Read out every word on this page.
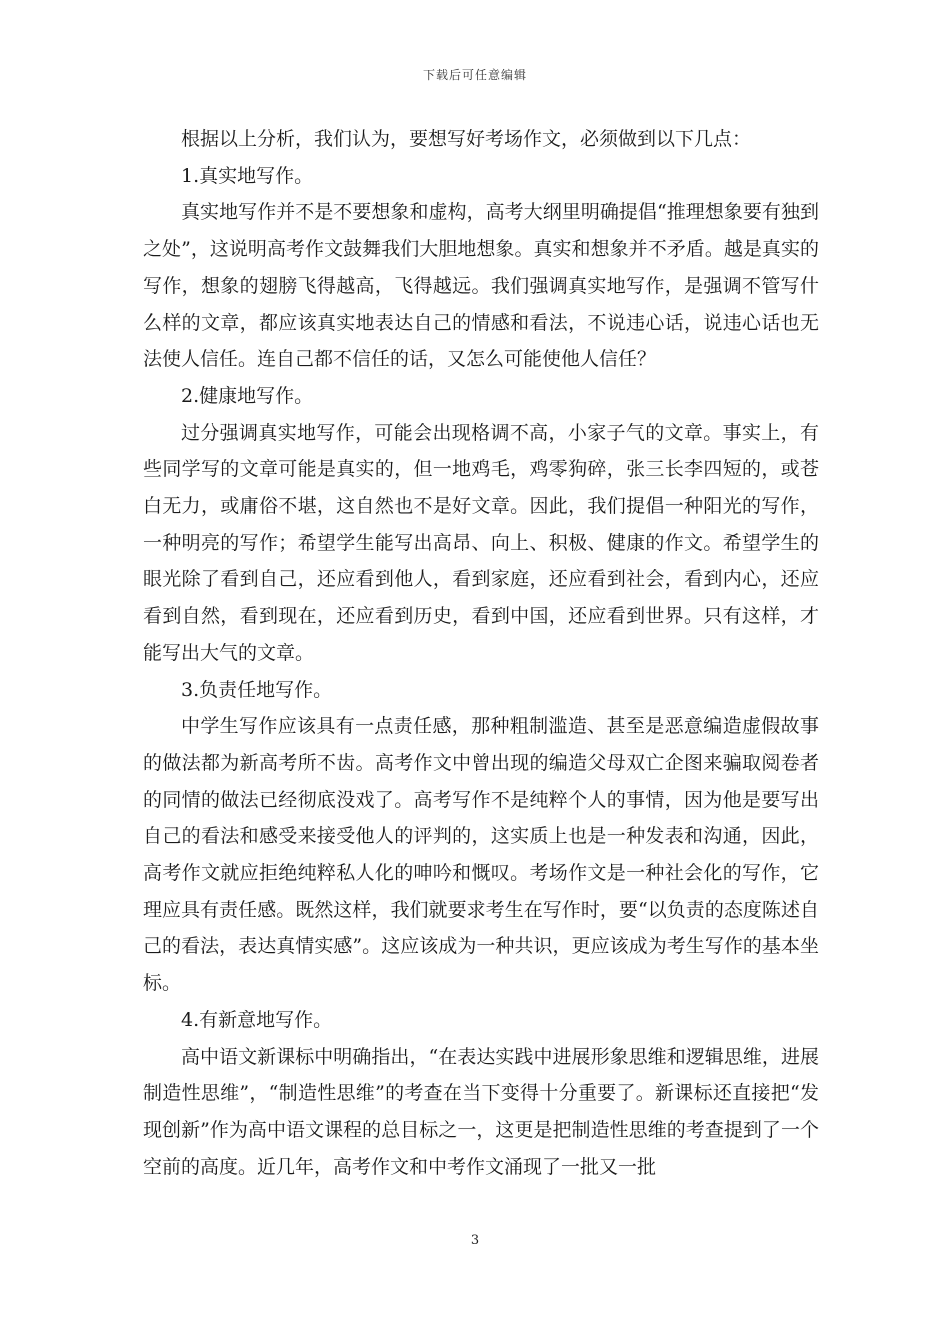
下载后可任意编辑

根据以上分析，我们认为，要想写好考场作文，必须做到以下几点：

1.真实地写作。

真实地写作并不是不要想象和虚构，高考大纲里明确提倡“推理想象要有独到之处”，这说明高考作文鼓舞我们大胆地想象。真实和想象并不矛盾。越是真实的写作，想象的翅膀飞得越高，飞得越远。我们强调真实地写作，是强调不管写什么样的文章，都应该真实地表达自己的情感和看法，不说违心话，说违心话也无法使人信任。连自己都不信任的话，又怎么可能使他人信任？

2.健康地写作。

过分强调真实地写作，可能会出现格调不高，小家子气的文章。事实上，有些同学写的文章可能是真实的，但一地鸡毛，鸡零狗碎，张三长李四短的，或苍白无力，或庸俗不堪，这自然也不是好文章。因此，我们提倡一种阳光的写作，一种明亮的写作；希望学生能写出高昂、向上、积极、健康的作文。希望学生的眼光除了看到自己，还应看到他人，看到家庭，还应看到社会，看到内心，还应看到自然，看到现在，还应看到历史，看到中国，还应看到世界。只有这样，才能写出大气的文章。

3.负责任地写作。

中学生写作应该具有一点责任感，那种粗制滥造、甚至是恶意编造虚假故事的做法都为新高考所不齿。高考作文中曾出现的编造父母双亡企图来骗取阅卷者的同情的做法已经彻底没戏了。高考写作不是纯粹个人的事情，因为他是要写出自己的看法和感受来接受他人的评判的，这实质上也是一种发表和沟通，因此，高考作文就应拒绝纯粹私人化的呻吟和慨叹。考场作文是一种社会化的写作，它理应具有责任感。既然这样，我们就要求考生在写作时，要“以负责的态度陈述自己的看法，表达真情实感”。这应该成为一种共识，更应该成为考生写作的基本坐标。

4.有新意地写作。

高中语文新课标中明确指出，“在表达实践中进展形象思维和逻辑思维，进展制造性思维”，“制造性思维”的考查在当下变得十分重要了。新课标还直接把“发现创新”作为高中语文课程的总目标之一，这更是把制造性思维的考查提到了一个空前的高度。近几年，高考作文和中考作文涌现了一批又一批

3
